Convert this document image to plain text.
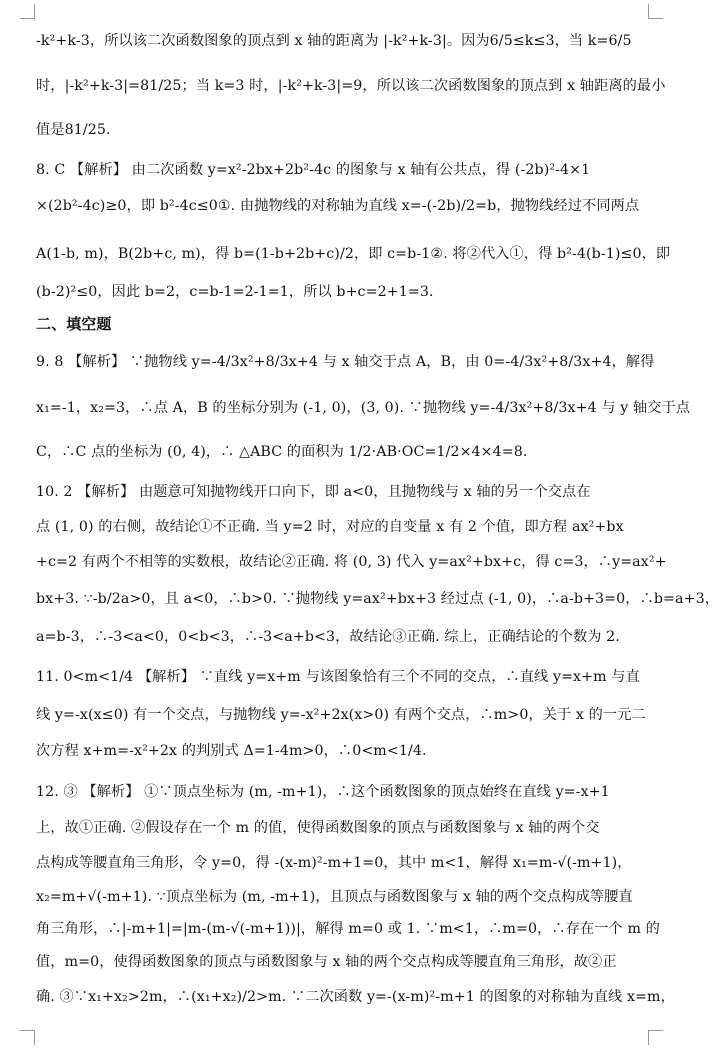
-k²+k-3，所以该二次函数图象的顶点到 x 轴的距离为 |-k²+k-3|。因为6/5≤k≤3，当 k=6/5
时，|-k²+k-3|=81/25；当 k=3 时，|-k²+k-3|=9，所以该二次函数图象的顶点到 x 轴距离的最小
值是81/25.
8. C 【解析】 由二次函数 y=x²-2bx+2b²-4c 的图象与 x 轴有公共点，得 (-2b)²-4×1
×(2b²-4c)≥0，即 b²-4c≤0①. 由抛物线的对称轴为直线 x=-(-2b)/2=b，抛物线经过不同两点
A(1-b, m)，B(2b+c, m)，得 b=(1-b+2b+c)/2，即 c=b-1②. 将②代入①，得 b²-4(b-1)≤0，即
(b-2)²≤0，因此 b=2，c=b-1=2-1=1，所以 b+c=2+1=3.
二、填空题
9. 8 【解析】 ∵抛物线 y=-4/3x²+8/3x+4 与 x 轴交于点 A，B，由 0=-4/3x²+8/3x+4，解得
x₁=-1，x₂=3，∴点 A，B 的坐标分别为 (-1, 0)，(3, 0). ∵抛物线 y=-4/3x²+8/3x+4 与 y 轴交于点
C，∴C 点的坐标为 (0, 4)，∴ △ABC 的面积为 1/2·AB·OC=1/2×4×4=8.
10. 2 【解析】 由题意可知抛物线开口向下，即 a<0，且抛物线与 x 轴的另一个交点在
点 (1, 0) 的右侧，故结论①不正确. 当 y=2 时，对应的自变量 x 有 2 个值，即方程 ax²+bx
+c=2 有两个不相等的实数根，故结论②正确. 将 (0, 3) 代入 y=ax²+bx+c，得 c=3，∴y=ax²+
bx+3. ∵-b/2a>0，且 a<0，∴b>0. ∵抛物线 y=ax²+bx+3 经过点 (-1, 0)，∴a-b+3=0，∴b=a+3，
a=b-3，∴-3<a<0，0<b<3，∴-3<a+b<3，故结论③正确. 综上，正确结论的个数为 2.
11. 0<m<1/4 【解析】 ∵直线 y=x+m 与该图象恰有三个不同的交点，∴直线 y=x+m 与直
线 y=-x(x≤0) 有一个交点，与抛物线 y=-x²+2x(x>0) 有两个交点，∴m>0，关于 x 的一元二
次方程 x+m=-x²+2x 的判别式 Δ=1-4m>0，∴0<m<1/4.
12. ③ 【解析】 ①∵顶点坐标为 (m, -m+1)，∴这个函数图象的顶点始终在直线 y=-x+1
上，故①正确. ②假设存在一个 m 的值，使得函数图象的顶点与函数图象与 x 轴的两个交
点构成等腰直角三角形，令 y=0，得 -(x-m)²-m+1=0，其中 m<1，解得 x₁=m-√(-m+1)，
x₂=m+√(-m+1). ∵顶点坐标为 (m, -m+1)，且顶点与函数图象与 x 轴的两个交点构成等腰直
角三角形，∴|-m+1|=|m-(m-√(-m+1))|，解得 m=0 或 1. ∵m<1，∴m=0，∴存在一个 m 的
值，m=0，使得函数图象的顶点与函数图象与 x 轴的两个交点构成等腰直角三角形，故②正
确. ③∵x₁+x₂>2m，∴(x₁+x₂)/2>m. ∵二次函数 y=-(x-m)²-m+1 的图象的对称轴为直线 x=m，
